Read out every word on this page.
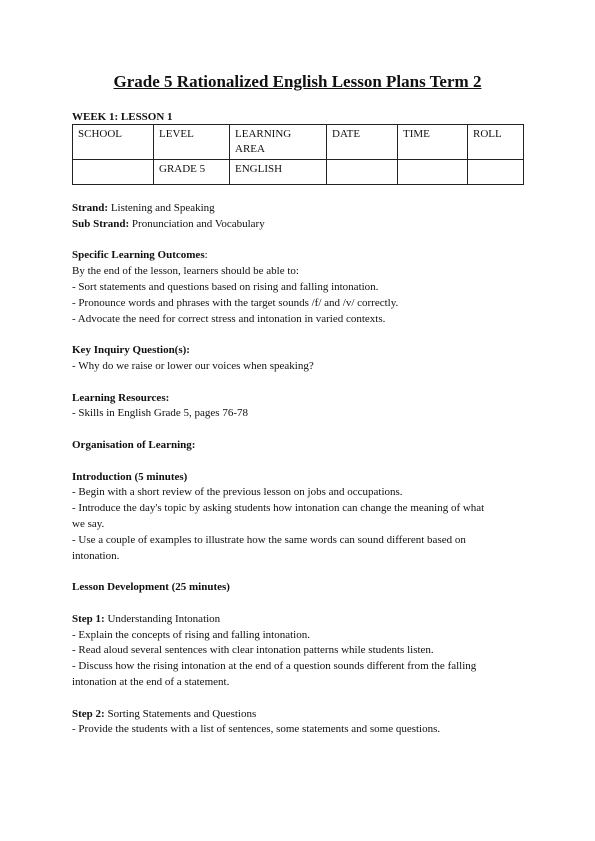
Grade 5 Rationalized English Lesson Plans Term 2
WEEK 1: LESSON 1
SCHOOL	LEVEL	LEARNING AREA	DATE	TIME	ROLL
	GRADE 5	ENGLISH			

Strand: Listening and Speaking

Sub Strand: Pronunciation and Vocabulary

Specific Learning Outcomes:

By the end of the lesson, learners should be able to:

- Sort statements and questions based on rising and falling intonation.

- Pronounce words and phrases with the target sounds /f/ and /v/ correctly.

- Advocate the need for correct stress and intonation in varied contexts.

Key Inquiry Question(s):

- Why do we raise or lower our voices when speaking?

Learning Resources:

- Skills in English Grade 5, pages 76-78

Organisation of Learning:

Introduction (5 minutes)

- Begin with a short review of the previous lesson on jobs and occupations.

- Introduce the day's topic by asking students how intonation can change the meaning of what

we say.

- Use a couple of examples to illustrate how the same words can sound different based on

intonation.

Lesson Development (25 minutes)

Step 1: Understanding Intonation

- Explain the concepts of rising and falling intonation.

- Read aloud several sentences with clear intonation patterns while students listen.

- Discuss how the rising intonation at the end of a question sounds different from the falling

intonation at the end of a statement.

Step 2: Sorting Statements and Questions

- Provide the students with a list of sentences, some statements and some questions.
